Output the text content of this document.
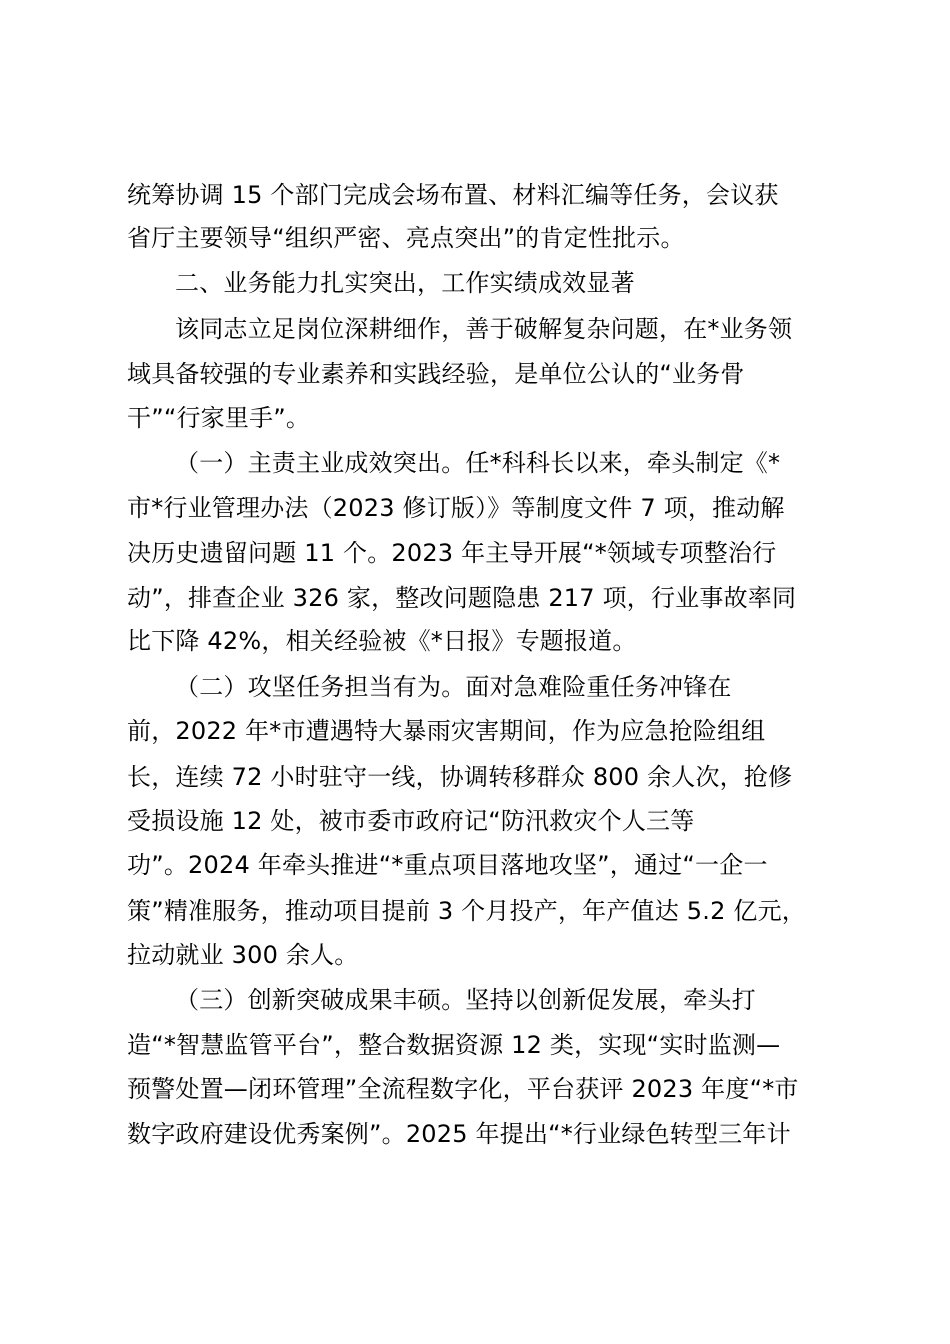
统筹协调 15 个部门完成会场布置、材料汇编等任务，会议获
省厅主要领导“组织严密、亮点突出”的肯定性批示。
二、业务能力扎实突出，工作实绩成效显著
该同志立足岗位深耕细作，善于破解复杂问题，在*业务领
域具备较强的专业素养和实践经验，是单位公认的“业务骨
干”“行家里手”。
（一）主责主业成效突出。任*科科长以来，牵头制定《*
市*行业管理办法（2023 修订版）》等制度文件 7 项，推动解
决历史遗留问题 11 个。2023 年主导开展“*领域专项整治行
动”，排查企业 326 家，整改问题隐患 217 项，行业事故率同
比下降 42%，相关经验被《*日报》专题报道。
（二）攻坚任务担当有为。面对急难险重任务冲锋在
前，2022 年*市遭遇特大暴雨灾害期间，作为应急抢险组组
长，连续 72 小时驻守一线，协调转移群众 800 余人次，抢修
受损设施 12 处，被市委市政府记“防汛救灾个人三等
功”。2024 年牵头推进“*重点项目落地攻坚”，通过“一企一
策”精准服务，推动项目提前 3 个月投产，年产值达 5.2 亿元，
拉动就业 300 余人。
（三）创新突破成果丰硕。坚持以创新促发展，牵头打
造“*智慧监管平台”，整合数据资源 12 类，实现“实时监测—
预警处置—闭环管理”全流程数字化，平台获评 2023 年度“*市
数字政府建设优秀案例”。2025 年提出“*行业绿色转型三年计
